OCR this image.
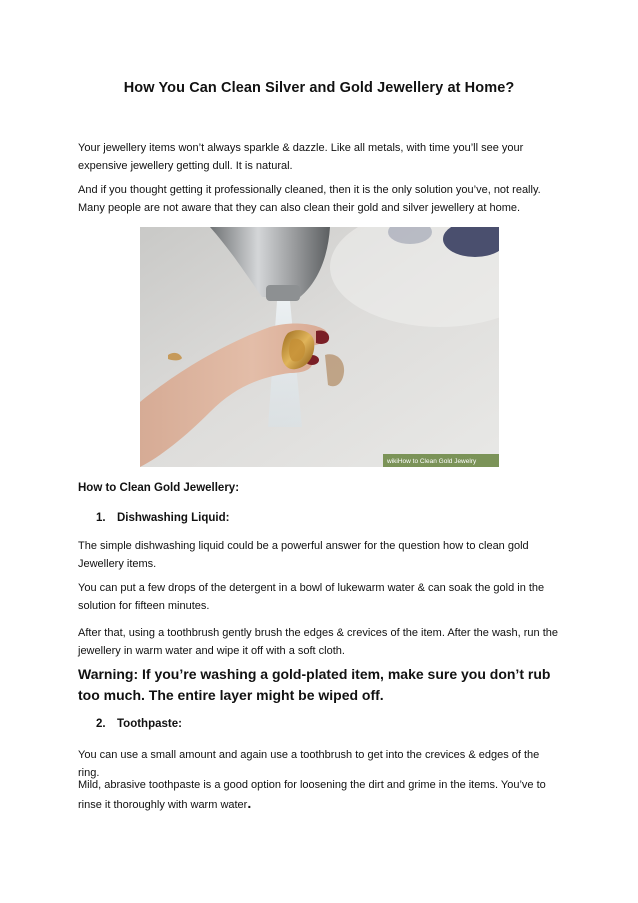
How You Can Clean Silver and Gold Jewellery at Home?

Your jewellery items won’t always sparkle & dazzle. Like all metals, with time you’ll see your expensive jewellery getting dull. It is natural.

And if you thought getting it professionally cleaned, then it is the only solution you’ve, not really. Many people are not aware that they can also clean their gold and silver jewellery at home.

wikiHow to Clean Gold Jewelry
How to Clean Gold Jewellery:
1. Dishwashing Liquid:

The simple dishwashing liquid could be a powerful answer for the question how to clean gold Jewellery items.

You can put a few drops of the detergent in a bowl of lukewarm water & can soak the gold in the solution for fifteen minutes.

After that, using a toothbrush gently brush the edges & crevices of the item. After the wash, run the jewellery in warm water and wipe it off with a soft cloth.

Warning: If you’re washing a gold-plated item, make sure you don’t rub too much. The entire layer might be wiped off.

2. Toothpaste:

You can use a small amount and again use a toothbrush to get into the crevices & edges of the ring.

Mild, abrasive toothpaste is a good option for loosening the dirt and grime in the items. You’ve to rinse it thoroughly with warm water.
